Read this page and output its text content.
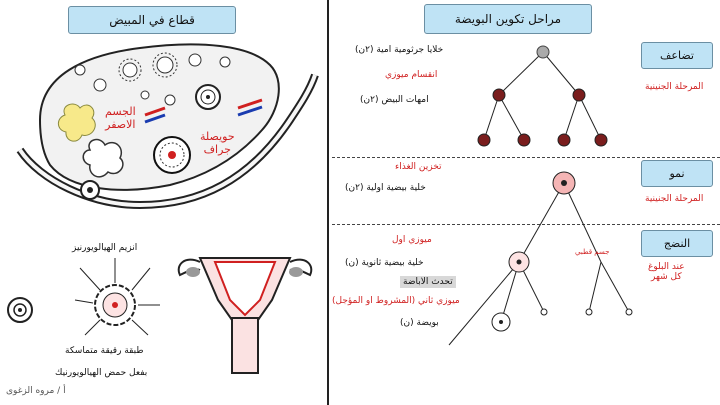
قطاع في المبيض	مراحل تكوين البويضة
الجسم
الاصفر
حويصلة
جراف
انزيم الهيالويورنيز
طبقة رقيقة متماسكة
بفعل حمض الهيالويورنيك
أ / مروه الزغوى
تضاعف
المرحلة الجنينية
نمو
المرحلة الجنينية
النضج
عند البلوغ
كل شهر
خلايا جرثومية امية (٢ن)
انقسام ميوزي
امهات البيض (٢ن)
تخزين الغذاء
خلية بيضية اولية (٢ن)
ميوزي اول
خلية بيضية ثانوية (ن)
جسم قطبي
تحدث الاباضة
ميوزي ثاني (المشروط او المؤجل)
بويضة (ن)
